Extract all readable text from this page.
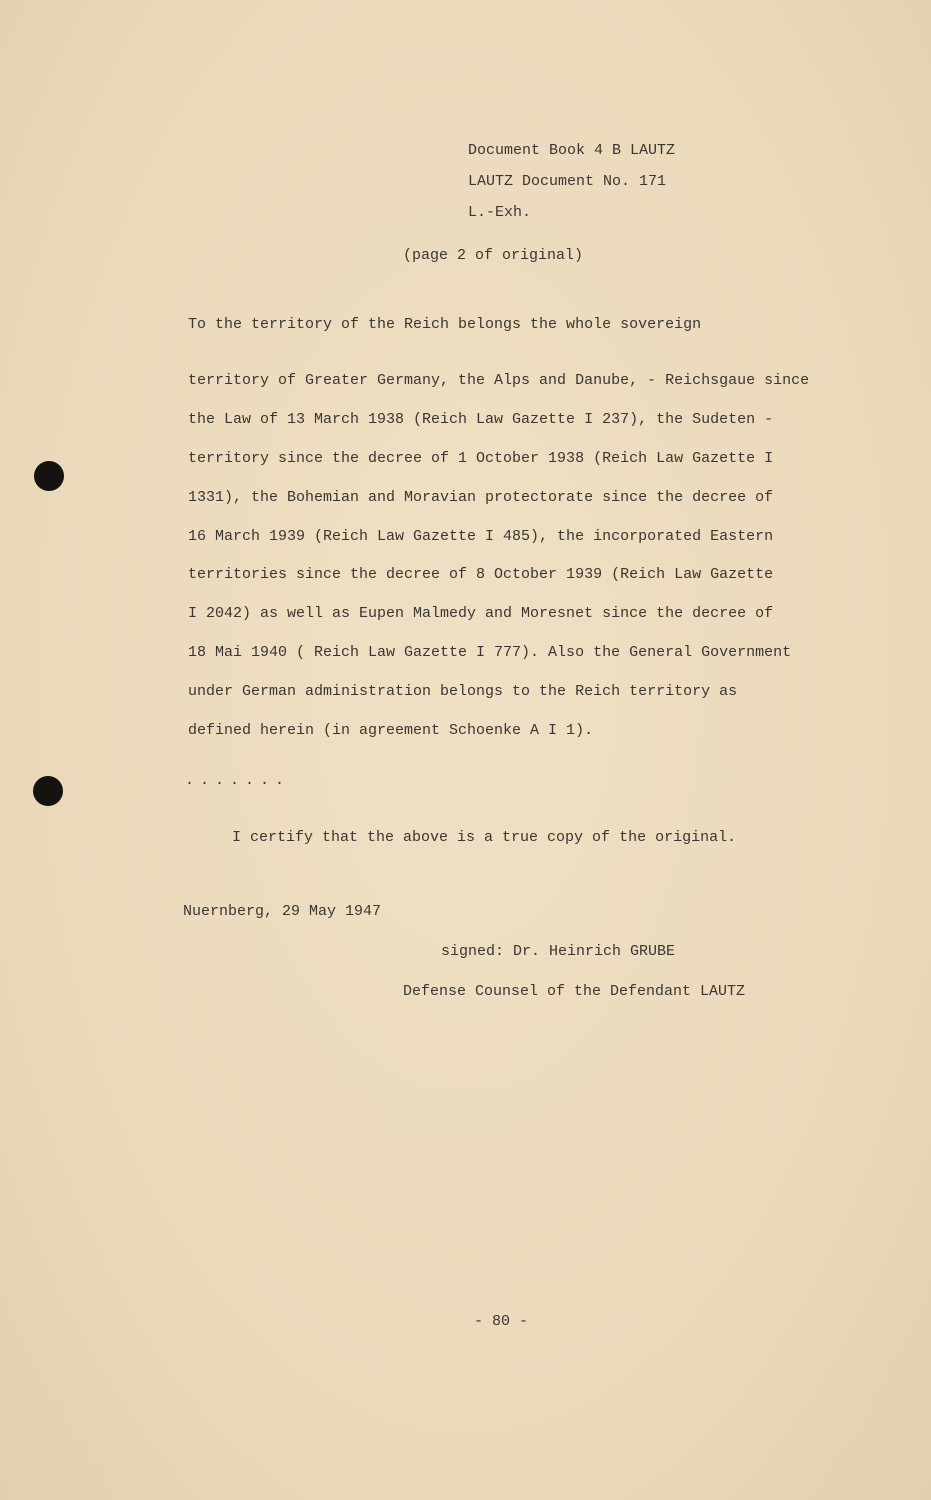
Document Book 4 B LAUTZ
LAUTZ Document No. 171
L.-Exh.
(page 2 of original)
To the territory of the Reich belongs the whole sovereign
territory of Greater Germany, the Alps and Danube, - Reichsgaue since
the Law of 13 March 1938 (Reich Law Gazette I 237), the Sudeten -
territory since the decree of 1 October 1938 (Reich Law Gazette I
1331), the Bohemian and Moravian protectorate since the decree of
16 March 1939 (Reich Law Gazette I 485), the incorporated Eastern
territories since the decree of 8 October 1939 (Reich Law Gazette
I 2042) as well as Eupen Malmedy and Moresnet since the decree of
18 Mai 1940 ( Reich Law Gazette I 777). Also the General Government
under German administration belongs to the Reich territory as
defined herein (in agreement Schoenke A I 1).
.......
I certify that the above is a true copy of the original.
Nuernberg, 29 May 1947
signed: Dr. Heinrich GRUBE
Defense Counsel of the Defendant LAUTZ
- 80 -
